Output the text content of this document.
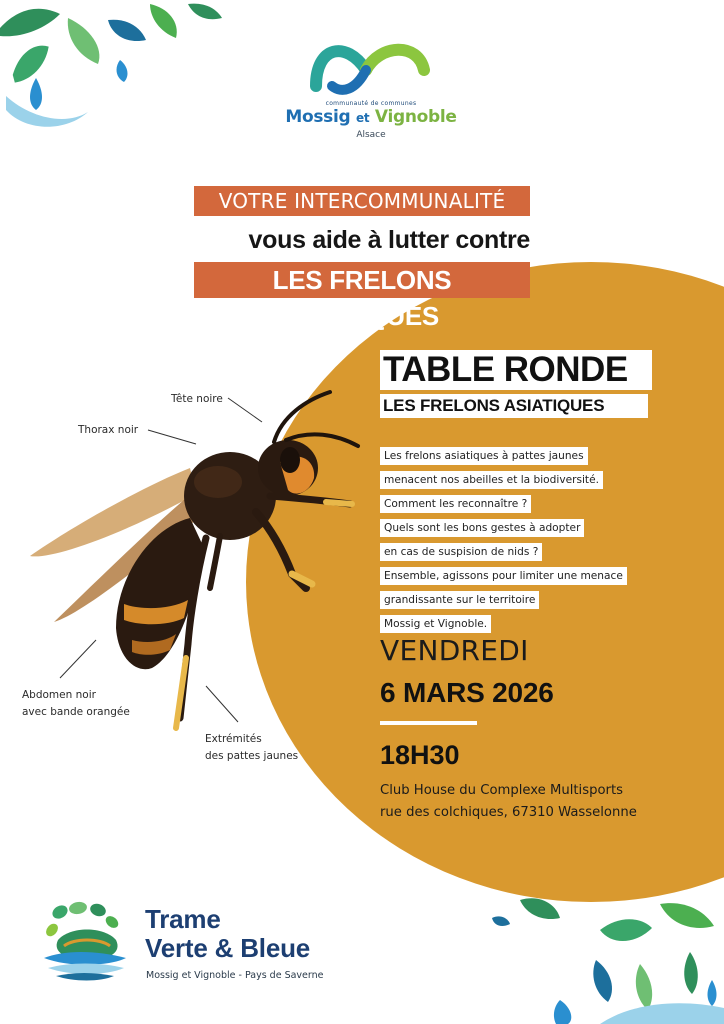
communauté de communes
Mossig et Vignoble
Alsace
VOTRE INTERCOMMUNALITÉ
vous aide à lutter contre
LES FRELONS ASIATIQUES
Tête noire
Thorax noir
Abdomen noir
avec bande orangée
Extrémités
des pattes jaunes
TABLE RONDE
LES FRELONS ASIATIQUES
Les frelons asiatiques à pattes jaunes
menacent nos abeilles et la biodiversité.
Comment les reconnaître ?
Quels sont les bons gestes à adopter
en cas de suspision de nids ?
Ensemble, agissons pour limiter une menace
grandissante sur le territoire
Mossig et Vignoble.
VENDREDI
6 MARS 2026
18H30
Club House du Complexe Multisports
rue des colchiques, 67310 Wasselonne
Trame
Verte & Bleue
Mossig et Vignoble - Pays de Saverne
